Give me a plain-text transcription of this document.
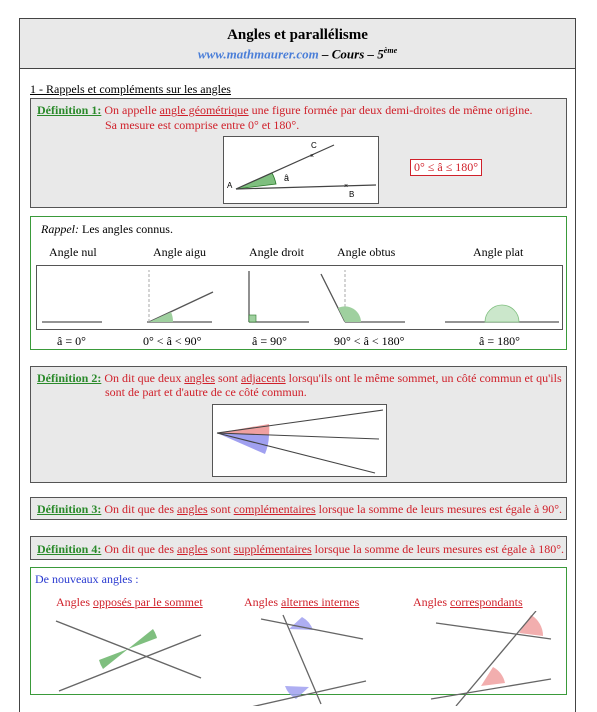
Angles et parallélisme
www.mathmaurer.com – Cours – 5ème
1 - Rappels et compléments sur les angles
Définition 1: On appelle angle géométrique une figure formée par deux demi-droites de même origine.
Sa mesure est comprise entre 0° et 180°.
A
B
C
â
×
×
0° ≤ â ≤ 180°
Rappel: Les angles connus.
Angle nul	Angle aigu	Angle droit	Angle obtus	Angle plat
â = 0°	0° < â < 90°	â = 90°	90° < â < 180°	â = 180°
Définition 2: On dit que deux angles sont adjacents lorsqu'ils ont le même sommet, un côté commun et qu'ils
sont de part et d'autre de ce côté commun.
Définition 3: On dit que des angles sont complémentaires lorsque la somme de leurs mesures est égale à 90°.
Définition 4: On dit que des angles sont supplémentaires lorsque la somme de leurs mesures est égale à 180°.
De nouveaux angles :
Angles opposés par le sommet	Angles alternes internes	Angles correspondants
